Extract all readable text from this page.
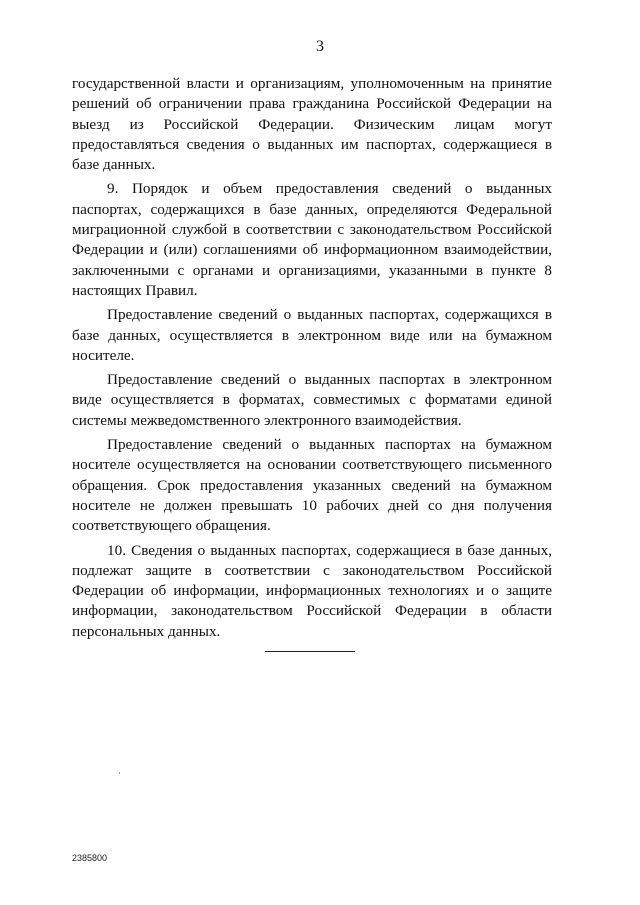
3

государственной власти и организациям, уполномоченным на принятие решений об ограничении права гражданина Российской Федерации на выезд из Российской Федерации. Физическим лицам могут предоставляться сведения о выданных им паспортах, содержащиеся в базе данных.

9. Порядок и объем предоставления сведений о выданных паспортах, содержащихся в базе данных, определяются Федеральной миграционной службой в соответствии с законодательством Российской Федерации и (или) соглашениями об информационном взаимодействии, заключенными с органами и организациями, указанными в пункте 8 настоящих Правил.

Предоставление сведений о выданных паспортах, содержащихся в базе данных, осуществляется в электронном виде или на бумажном носителе.

Предоставление сведений о выданных паспортах в электронном виде осуществляется в форматах, совместимых с форматами единой системы межведомственного электронного взаимодействия.

Предоставление сведений о выданных паспортах на бумажном носителе осуществляется на основании соответствующего письменного обращения. Срок предоставления указанных сведений на бумажном носителе не должен превышать 10 рабочих дней со дня получения соответствующего обращения.

10. Сведения о выданных паспортах, содержащиеся в базе данных, подлежат защите в соответствии с законодательством Российской Федерации об информации, информационных технологиях и о защите информации, законодательством Российской Федерации в области персональных данных.

2385800
